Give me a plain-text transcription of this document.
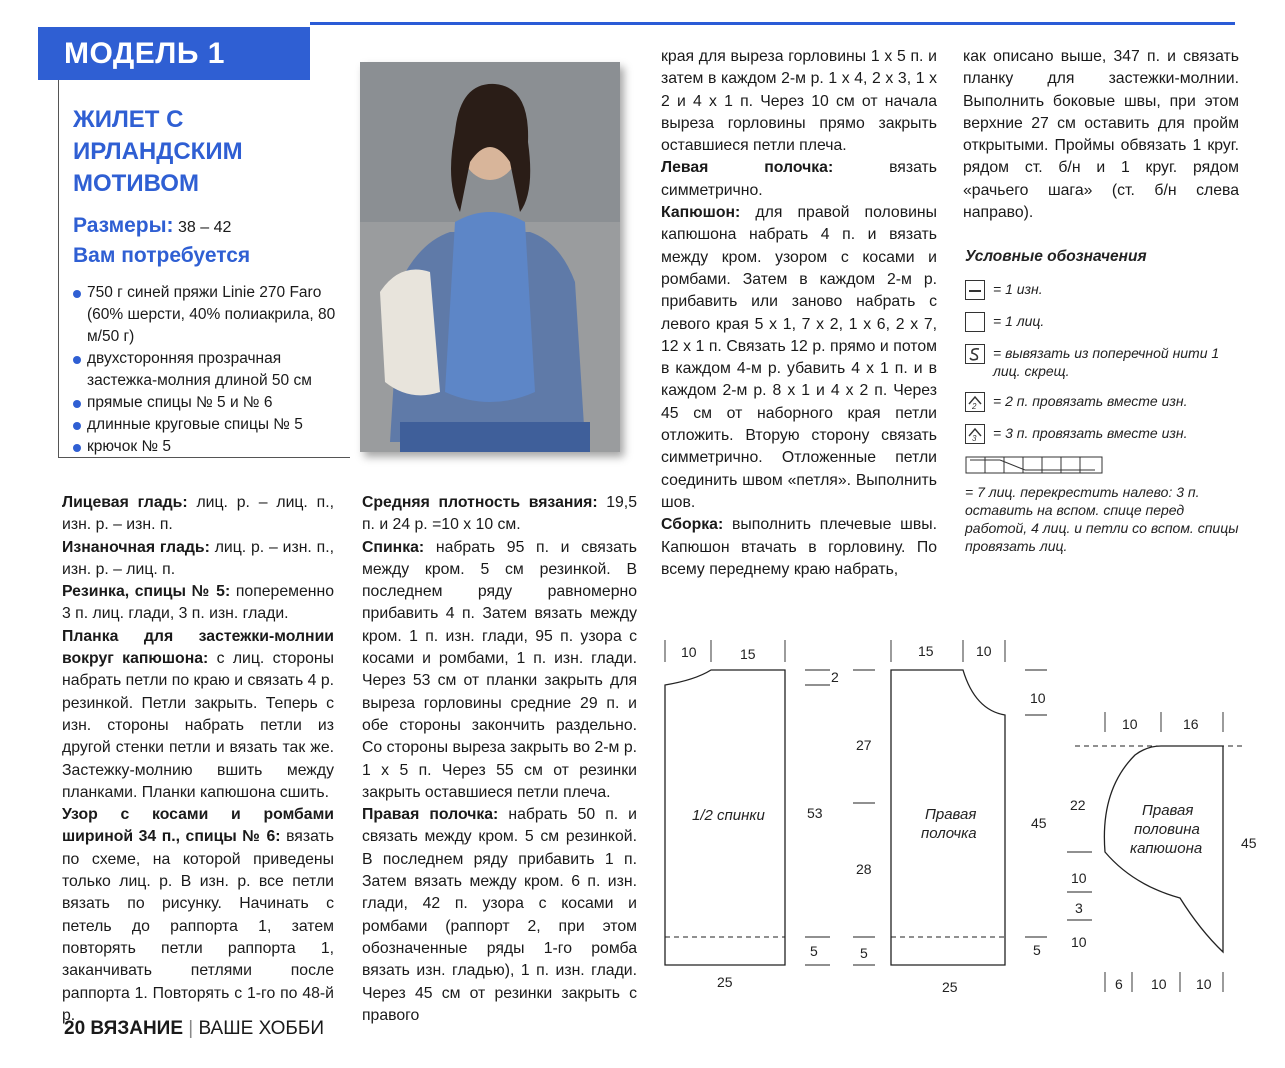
МОДЕЛЬ 1

ЖИЛЕТ С ИРЛАНДСКИМ
МОТИВОМ

Размеры: 38 – 42
Вам потребуется
750 г синей пряжи Linie 270 Faro (60% шерсти, 40% полиакрила, 80 м/50 г)
двухсторонняя прозрачная застежка-молния длиной 50 см
прямые спицы № 5 и № 6
длинные круговые спицы № 5
крючок № 5

Лицевая гладь: лиц. р. – лиц. п., изн. р. – изн. п.

Изнаночная гладь: лиц. р. – изн. п., изн. р. – лиц. п.

Резинка, спицы № 5: попеременно 3 п. лиц. глади, 3 п. изн. глади.

Планка для застежки-молнии вокруг капюшона: с лиц. стороны набрать петли по краю и связать 4 р. резинкой. Петли закрыть. Теперь с изн. стороны набрать петли из другой стенки петли и вязать так же. Застежку-молнию вшить между планками. Планки капюшона сшить.

Узор с косами и ромбами шириной 34 п., спицы № 6: вязать по схеме, на которой приведены только лиц. р. В изн. р. все петли вязать по рисунку. Начинать с петель до раппорта 1, затем повторять петли раппорта 1, заканчивать петлями после раппорта 1. Повторять с 1-го по 48-й р.

Средняя плотность вязания: 19,5 п. и 24 р. =10 х 10 см.

Спинка: набрать 95 п. и связать между кром. 5 см резинкой. В последнем ряду равномерно прибавить 4 п. Затем вязать между кром. 1 п. изн. глади, 95 п. узора с косами и ромбами, 1 п. изн. глади. Через 53 см от планки закрыть для выреза горловины средние 29 п. и обе стороны закончить раздельно. Со стороны выреза закрыть во 2-м р. 1 х 5 п. Через 55 см от резинки закрыть оставшиеся петли плеча.

Правая полочка: набрать 50 п. и связать между кром. 5 см резинкой. В последнем ряду прибавить 1 п. Затем вязать между кром. 6 п. изн. глади, 42 п. узора с косами и ромбами (раппорт 2, при этом обозначенные ряды 1-го ромба вязать изн. гладью), 1 п. изн. глади. Через 45 см от резинки закрыть с правого

края для выреза горловины 1 х 5 п. и затем в каждом 2-м р. 1 х 4, 2 х 3, 1 х 2 и 4 х 1 п. Через 10 см от начала выреза горловины прямо закрыть оставшиеся петли плеча.

Левая полочка: вязать симметрично.

Капюшон: для правой половины капюшона набрать 4 п. и вязать между кром. узором с косами и ромбами. Затем в каждом 2-м р. прибавить или заново набрать с левого края 5 х 1, 7 х 2, 1 х 6, 2 х 7, 12 х 1 п. Связать 12 р. прямо и потом в каждом 4-м р. убавить 4 х 1 п. и в каждом 2-м р. 8 х 1 и 4 х 2 п. Через 45 см от наборного края петли отложить. Вторую сторону связать симметрично. Отложенные петли соединить швом «петля». Выполнить шов.

Сборка: выполнить плечевые швы. Капюшон втачать в горловину. По всему переднему краю набрать,

как описано выше, 347 п. и связать планку для застежки-молнии. Выполнить боковые швы, при этом верхние 27 см оставить для пройм открытыми. Проймы обвязать 1 круг. рядом ст. б/н и 1 круг. рядом «рачьего шага» (ст. б/н слева направо).

Условные обозначения
= 1 изн.
= 1 лиц.
= вывязать из поперечной нити 1 лиц. скрещ.
2 = 2 п. провязать вместе изн.
3 = 3 п. провязать вместе изн.
= 7 лиц. перекрестить налево: 3 п. оставить на вспом. спице перед работой, 4 лиц. и петли со вспом. спицы провязать лиц.
10	15
2
1/2 спинки	53
5
25
15	10
10
27
28
45
5	5
25
Правая
полочка
10	16
22
10
3
10
45
6 10 10
Правая
половина
капюшона
20 ВЯЗАНИЕ | ВАШЕ ХОББИ
